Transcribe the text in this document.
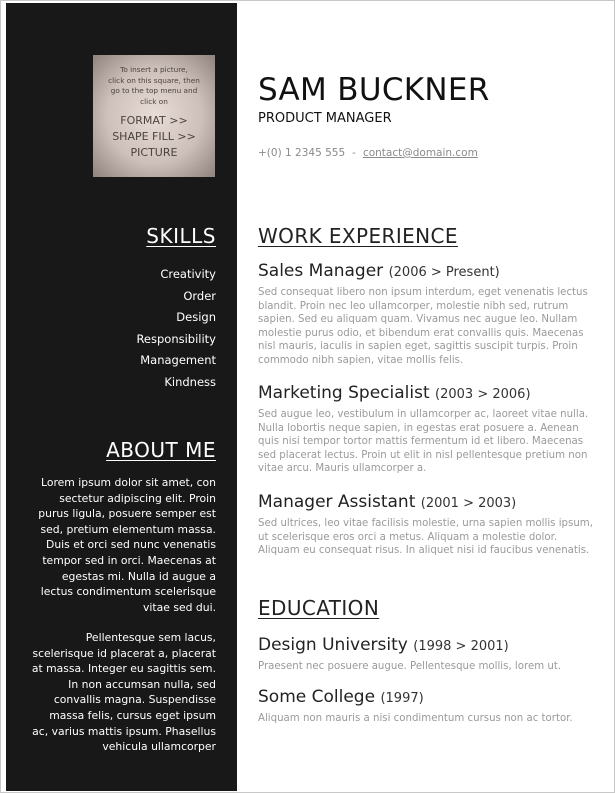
To insert a picture,
click on this square, then
go to the top menu and
click on
FORMAT >>
SHAPE FILL >>
PICTURE
SKILLS
Creativity
Order
Design
Responsibility
Management
Kindness
ABOUT ME

Lorem ipsum dolor sit amet, con sectetur adipiscing elit. Proin purus ligula, posuere semper est sed, pretium elementum massa. Duis et orci sed nunc venenatis tempor sed in orci. Maecenas at egestas mi. Nulla id augue a lectus condimentum scelerisque vitae sed dui.

Pellentesque sem lacus, scelerisque id placerat a, placerat at massa. Integer eu sagittis sem. In non accumsan nulla, sed convallis magna. Suspendisse massa felis, cursus eget ipsum ac, varius mattis ipsum. Phasellus vehicula ullamcorper

SAM BUCKNER
PRODUCT MANAGER
+(0) 1 2345 555 - contact@domain.com
WORK EXPERIENCE
Sales Manager (2006 > Present)
Sed consequat libero non ipsum interdum, eget venenatis lectus blandit. Proin nec leo ullamcorper, molestie nibh sed, rutrum sapien. Sed eu aliquam quam. Vivamus nec augue leo. Nullam molestie purus odio, et bibendum erat convallis quis. Maecenas nisl mauris, iaculis in sapien eget, sagittis suscipit turpis. Proin commodo nibh sapien, vitae mollis felis.
Marketing Specialist (2003 > 2006)
Sed augue leo, vestibulum in ullamcorper ac, laoreet vitae nulla. Nulla lobortis neque sapien, in egestas erat posuere a. Aenean quis nisi tempor tortor mattis fermentum id et libero. Maecenas sed placerat lectus. Proin ut elit in nisl pellentesque pretium non vitae arcu. Mauris ullamcorper a.
Manager Assistant (2001 > 2003)
Sed ultrices, leo vitae facilisis molestie, urna sapien mollis ipsum, ut scelerisque eros orci a metus. Aliquam a molestie dolor. Aliquam eu consequat risus. In aliquet nisi id faucibus venenatis.
EDUCATION
Design University (1998 > 2001)
Praesent nec posuere augue. Pellentesque mollis, lorem ut.
Some College (1997)
Aliquam non mauris a nisi condimentum cursus non ac tortor.
